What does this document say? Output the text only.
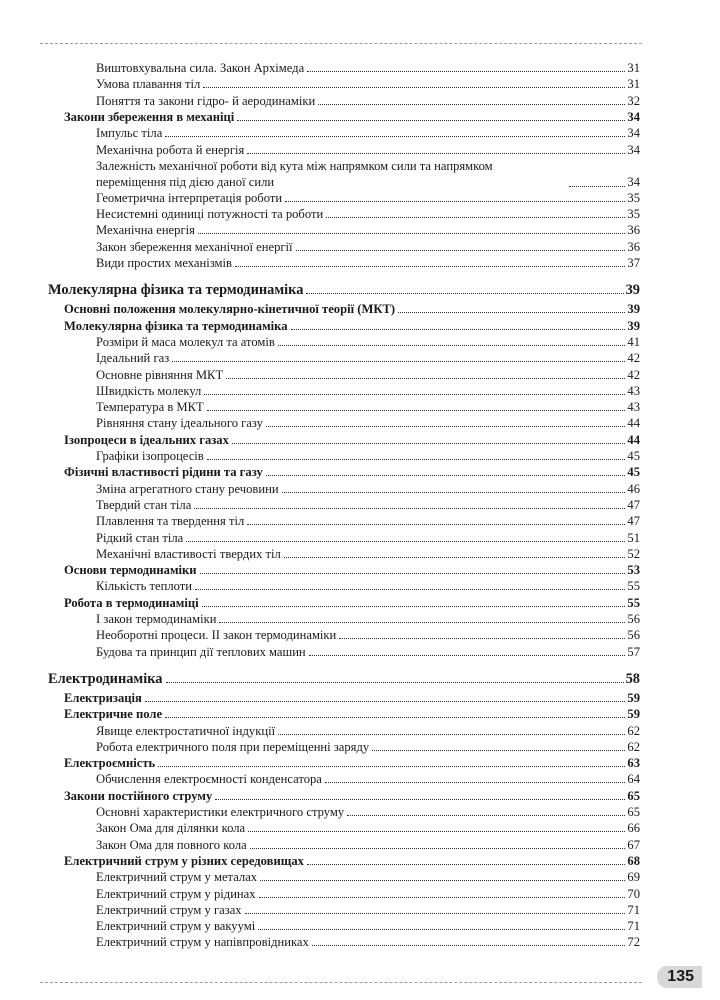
Виштовхувальна сила. Закон Архімеда	31
Умова плавання тіл	31
Поняття та закони гідро- й аеродинаміки	32
Закони збереження в механіці	34
Імпульс тіла	34
Механічна робота й енергія	34
Залежність механічної роботи від кута між напрямком сили та напрямком переміщення під дією даної сили	34
Геометрична інтерпретація роботи	35
Несистемні одиниці потужності та роботи	35
Механічна енергія	36
Закон збереження механічної енергії	36
Види простих механізмів	37
Молекулярна фізика та термодинаміка	39
Основні положення молекулярно-кінетичної теорії (МКТ)	39
Молекулярна фізика та термодинаміка	39
Розміри й маса молекул та атомів	41
Ідеальний газ	42
Основне рівняння МКТ	42
Швидкість молекул	43
Температура в МКТ	43
Рівняння стану ідеального газу	44
Ізопроцеси в ідеальних газах	44
Графіки ізопроцесів	45
Фізичні властивості рідини та газу	45
Зміна агрегатного стану речовини	46
Твердий стан тіла	47
Плавлення та твердення тіл	47
Рідкий стан тіла	51
Механічні властивості твердих тіл	52
Основи термодинаміки	53
Кількість теплоти	55
Робота в термодинаміці	55
I закон термодинаміки	56
Необоротні процеси. II закон термодинаміки	56
Будова та принцип дії теплових машин	57
Електродинаміка	58
Електризація	59
Електричне поле	59
Явище електростатичної індукції	62
Робота електричного поля при переміщенні заряду	62
Електроємність	63
Обчислення електроємності конденсатора	64
Закони постійного струму	65
Основні характеристики електричного струму	65
Закон Ома для ділянки кола	66
Закон Ома для повного кола	67
Електричний струм у різних середовищах	68
Електричний струм у металах	69
Електричний струм у рідинах	70
Електричний струм у газах	71
Електричний струм у вакуумі	71
Електричний струм у напівпровідниках	72
135
